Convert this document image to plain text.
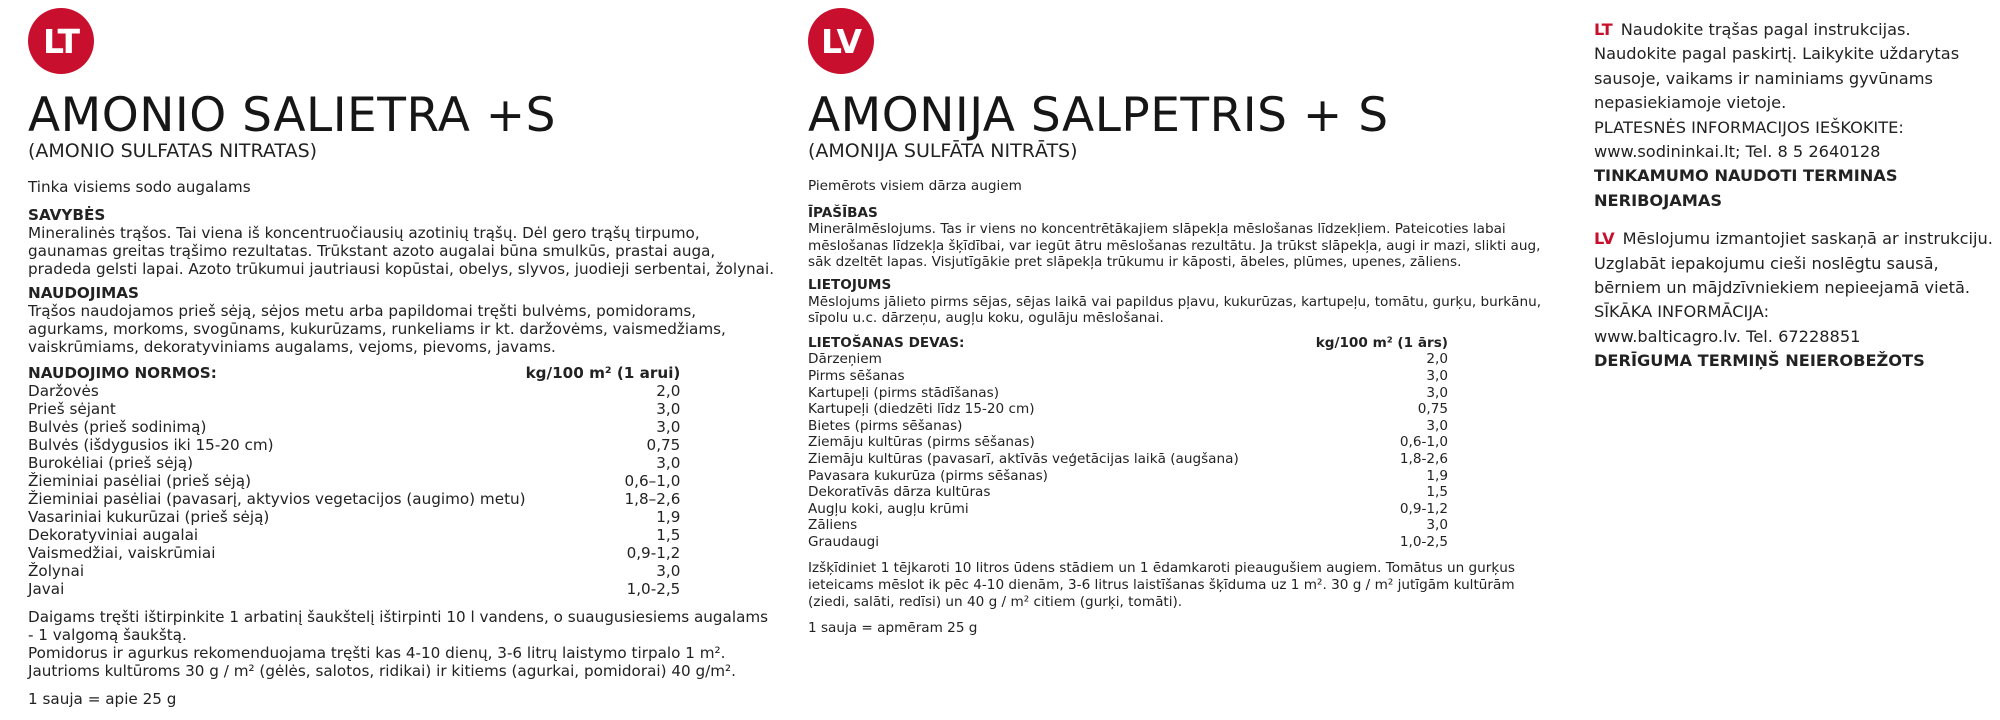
LT
AMONIO SALIETRA +S
(AMONIO SULFATAS NITRATAS)

Tinka visiems sodo augalams

SAVYBĖS

Mineralinės trąšos. Tai viena iš koncentruočiausių azotinių trąšų. Dėl gero trąšų tirpumo, gaunamas greitas trąšimo rezultatas. Trūkstant azoto augalai būna smulkūs, prastai auga, pradeda gelsti lapai. Azoto trūkumui jautriausi kopūstai, obelys, slyvos, juodieji serbentai, žolynai.

NAUDOJIMAS

Trąšos naudojamos prieš sėją, sėjos metu arba papildomai tręšti bulvėms, pomidorams, agurkams, morkoms, svogūnams, kukurūzams, runkeliams ir kt. daržovėms, vaismedžiams, vaiskrūmiams, dekoratyviniams augalams, vejoms, pievoms, javams.

NAUDOJIMO NORMOS:	kg/100 m² (1 arui)
Daržovės	2,0
Prieš sėjant	3,0
Bulvės (prieš sodinimą)	3,0
Bulvės (išdygusios iki 15-20 cm)	0,75
Burokėliai (prieš sėją)	3,0
Žieminiai pasėliai (prieš sėją)	0,6–1,0
Žieminiai pasėliai (pavasarį, aktyvios vegetacijos (augimo) metu)	1,8–2,6
Vasariniai kukurūzai (prieš sėją)	1,9
Dekoratyviniai augalai	1,5
Vaismedžiai, vaiskrūmiai	0,9-1,2
Žolynai	3,0
Javai	1,0-2,5

Daigams tręšti ištirpinkite 1 arbatinį šaukštelį ištirpinti 10 l vandens, o suaugusiesiems augalams - 1 valgomą šaukštą.

Pomidorus ir agurkus rekomenduojama tręšti kas 4-10 dienų, 3-6 litrų laistymo tirpalo 1 m².

Jautrioms kultūroms 30 g / m² (gėlės, salotos, ridikai) ir kitiems (agurkai, pomidorai) 40 g/m².

1 sauja = apie 25 g

LV
AMONIJA SALPETRIS + S
(AMONIJA SULFĀTA NITRĀTS)

Piemērots visiem dārza augiem

ĪPAŠĪBAS

Minerālmēslojums. Tas ir viens no koncentrētākajiem slāpekļa mēslošanas līdzekļiem. Pateicoties labai mēslošanas līdzekļa šķīdībai, var iegūt ātru mēslošanas rezultātu. Ja trūkst slāpekļa, augi ir mazi, slikti aug, sāk dzeltēt lapas. Visjutīgākie pret slāpekļa trūkumu ir kāposti, ābeles, plūmes, upenes, zāliens.

LIETOJUMS

Mēslojums jālieto pirms sējas, sējas laikā vai papildus pļavu, kukurūzas, kartupeļu, tomātu, gurķu, burkānu, sīpolu u.c. dārzeņu, augļu koku, ogulāju mēslošanai.

LIETOŠANAS DEVAS:	kg/100 m² (1 ārs)
Dārzeņiem	2,0
Pirms sēšanas	3,0
Kartupeļi (pirms stādīšanas)	3,0
Kartupeļi (diedzēti līdz 15-20 cm)	0,75
Bietes (pirms sēšanas)	3,0
Ziemāju kultūras (pirms sēšanas)	0,6-1,0
Ziemāju kultūras (pavasarī, aktīvās veģetācijas laikā (augšana)	1,8-2,6
Pavasara kukurūza (pirms sēšanas)	1,9
Dekoratīvās dārza kultūras	1,5
Augļu koki, augļu krūmi	0,9-1,2
Zāliens	3,0
Graudaugi	1,0-2,5

Izšķīdiniet 1 tējkaroti 10 litros ūdens stādiem un 1 ēdamkaroti pieaugušiem augiem. Tomātus un gurķus ieteicams mēslot ik pēc 4-10 dienām, 3-6 litrus laistīšanas šķīduma uz 1 m². 30 g / m² jutīgām kultūrām (ziedi, salāti, redīsi) un 40 g / m² citiem (gurķi, tomāti).

1 sauja = apmēram 25 g

LT Naudokite trąšas pagal instrukcijas. Naudokite pagal paskirtį. Laikykite uždarytas sausoje, vaikams ir naminiams gyvūnams nepasiekiamoje vietoje.

PLATESNĖS INFORMACIJOS IEŠKOKITE:

www.sodininkai.lt; Tel. 8 5 2640128

TINKAMUMO NAUDOTI TERMINAS NERIBOJAMAS

LV Mēslojumu izmantojiet saskaņā ar instrukciju. Uzglabāt iepakojumu cieši noslēgtu sausā, bērniem un mājdzīvniekiem nepieejamā vietā.

SĪKĀKA INFORMĀCIJA:

www.balticagro.lv. Tel. 67228851

DERĪGUMA TERMIŅŠ NEIEROBEŽOTS
